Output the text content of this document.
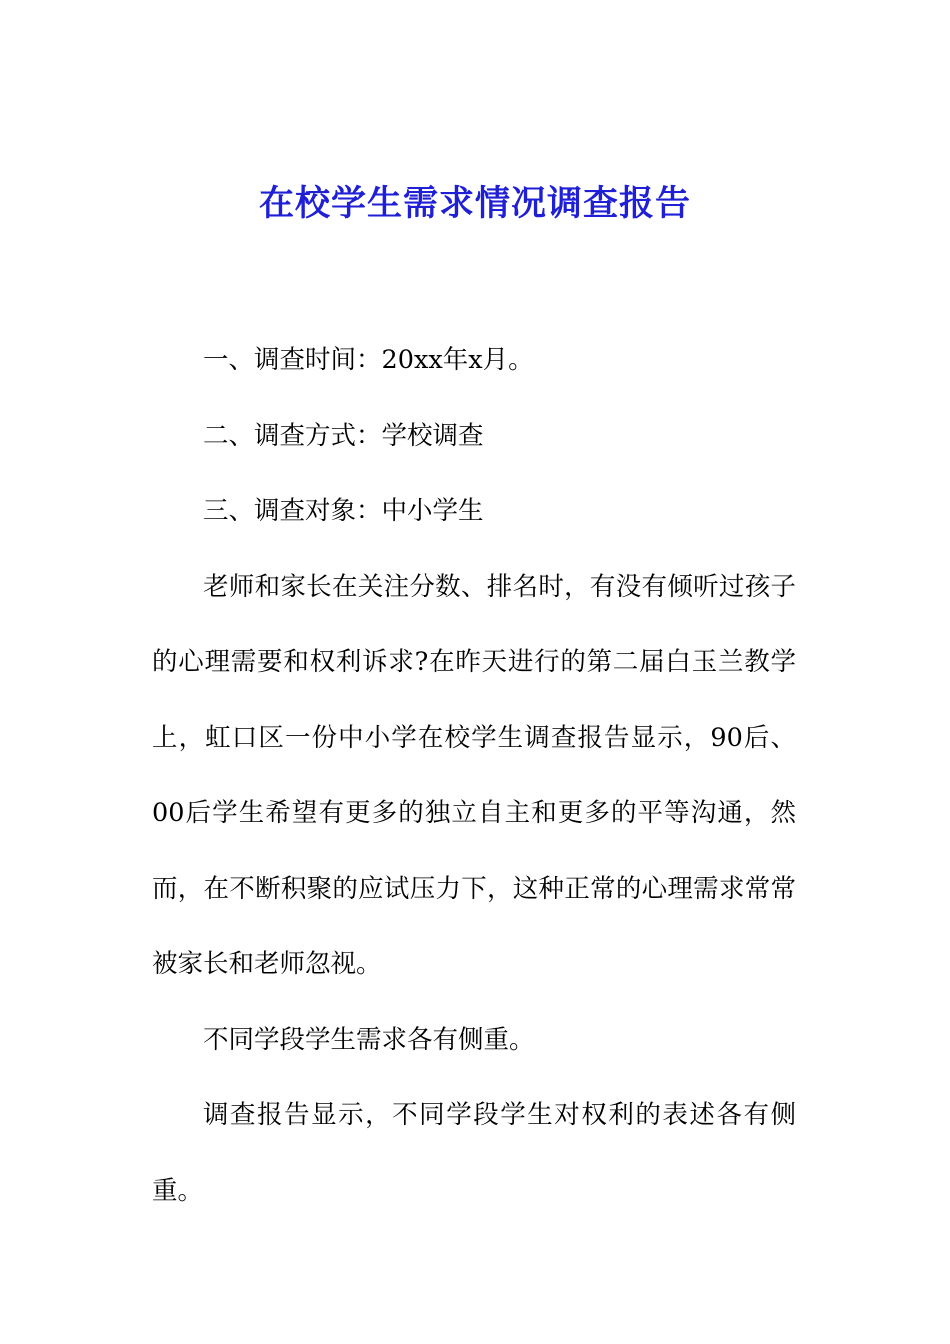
在校学生需求情况调查报告

一、调查时间：20xx年x月。

二、调查方式：学校调查

三、调查对象：中小学生

老师和家长在关注分数、排名时，有没有倾听过孩子的心理需要和权利诉求?在昨天进行的第二届白玉兰教学上，虹口区一份中小学在校学生调查报告显示，90后、00后学生希望有更多的独立自主和更多的平等沟通，然而，在不断积聚的应试压力下，这种正常的心理需求常常被家长和老师忽视。

不同学段学生需求各有侧重。

调查报告显示，不同学段学生对权利的表述各有侧重。
